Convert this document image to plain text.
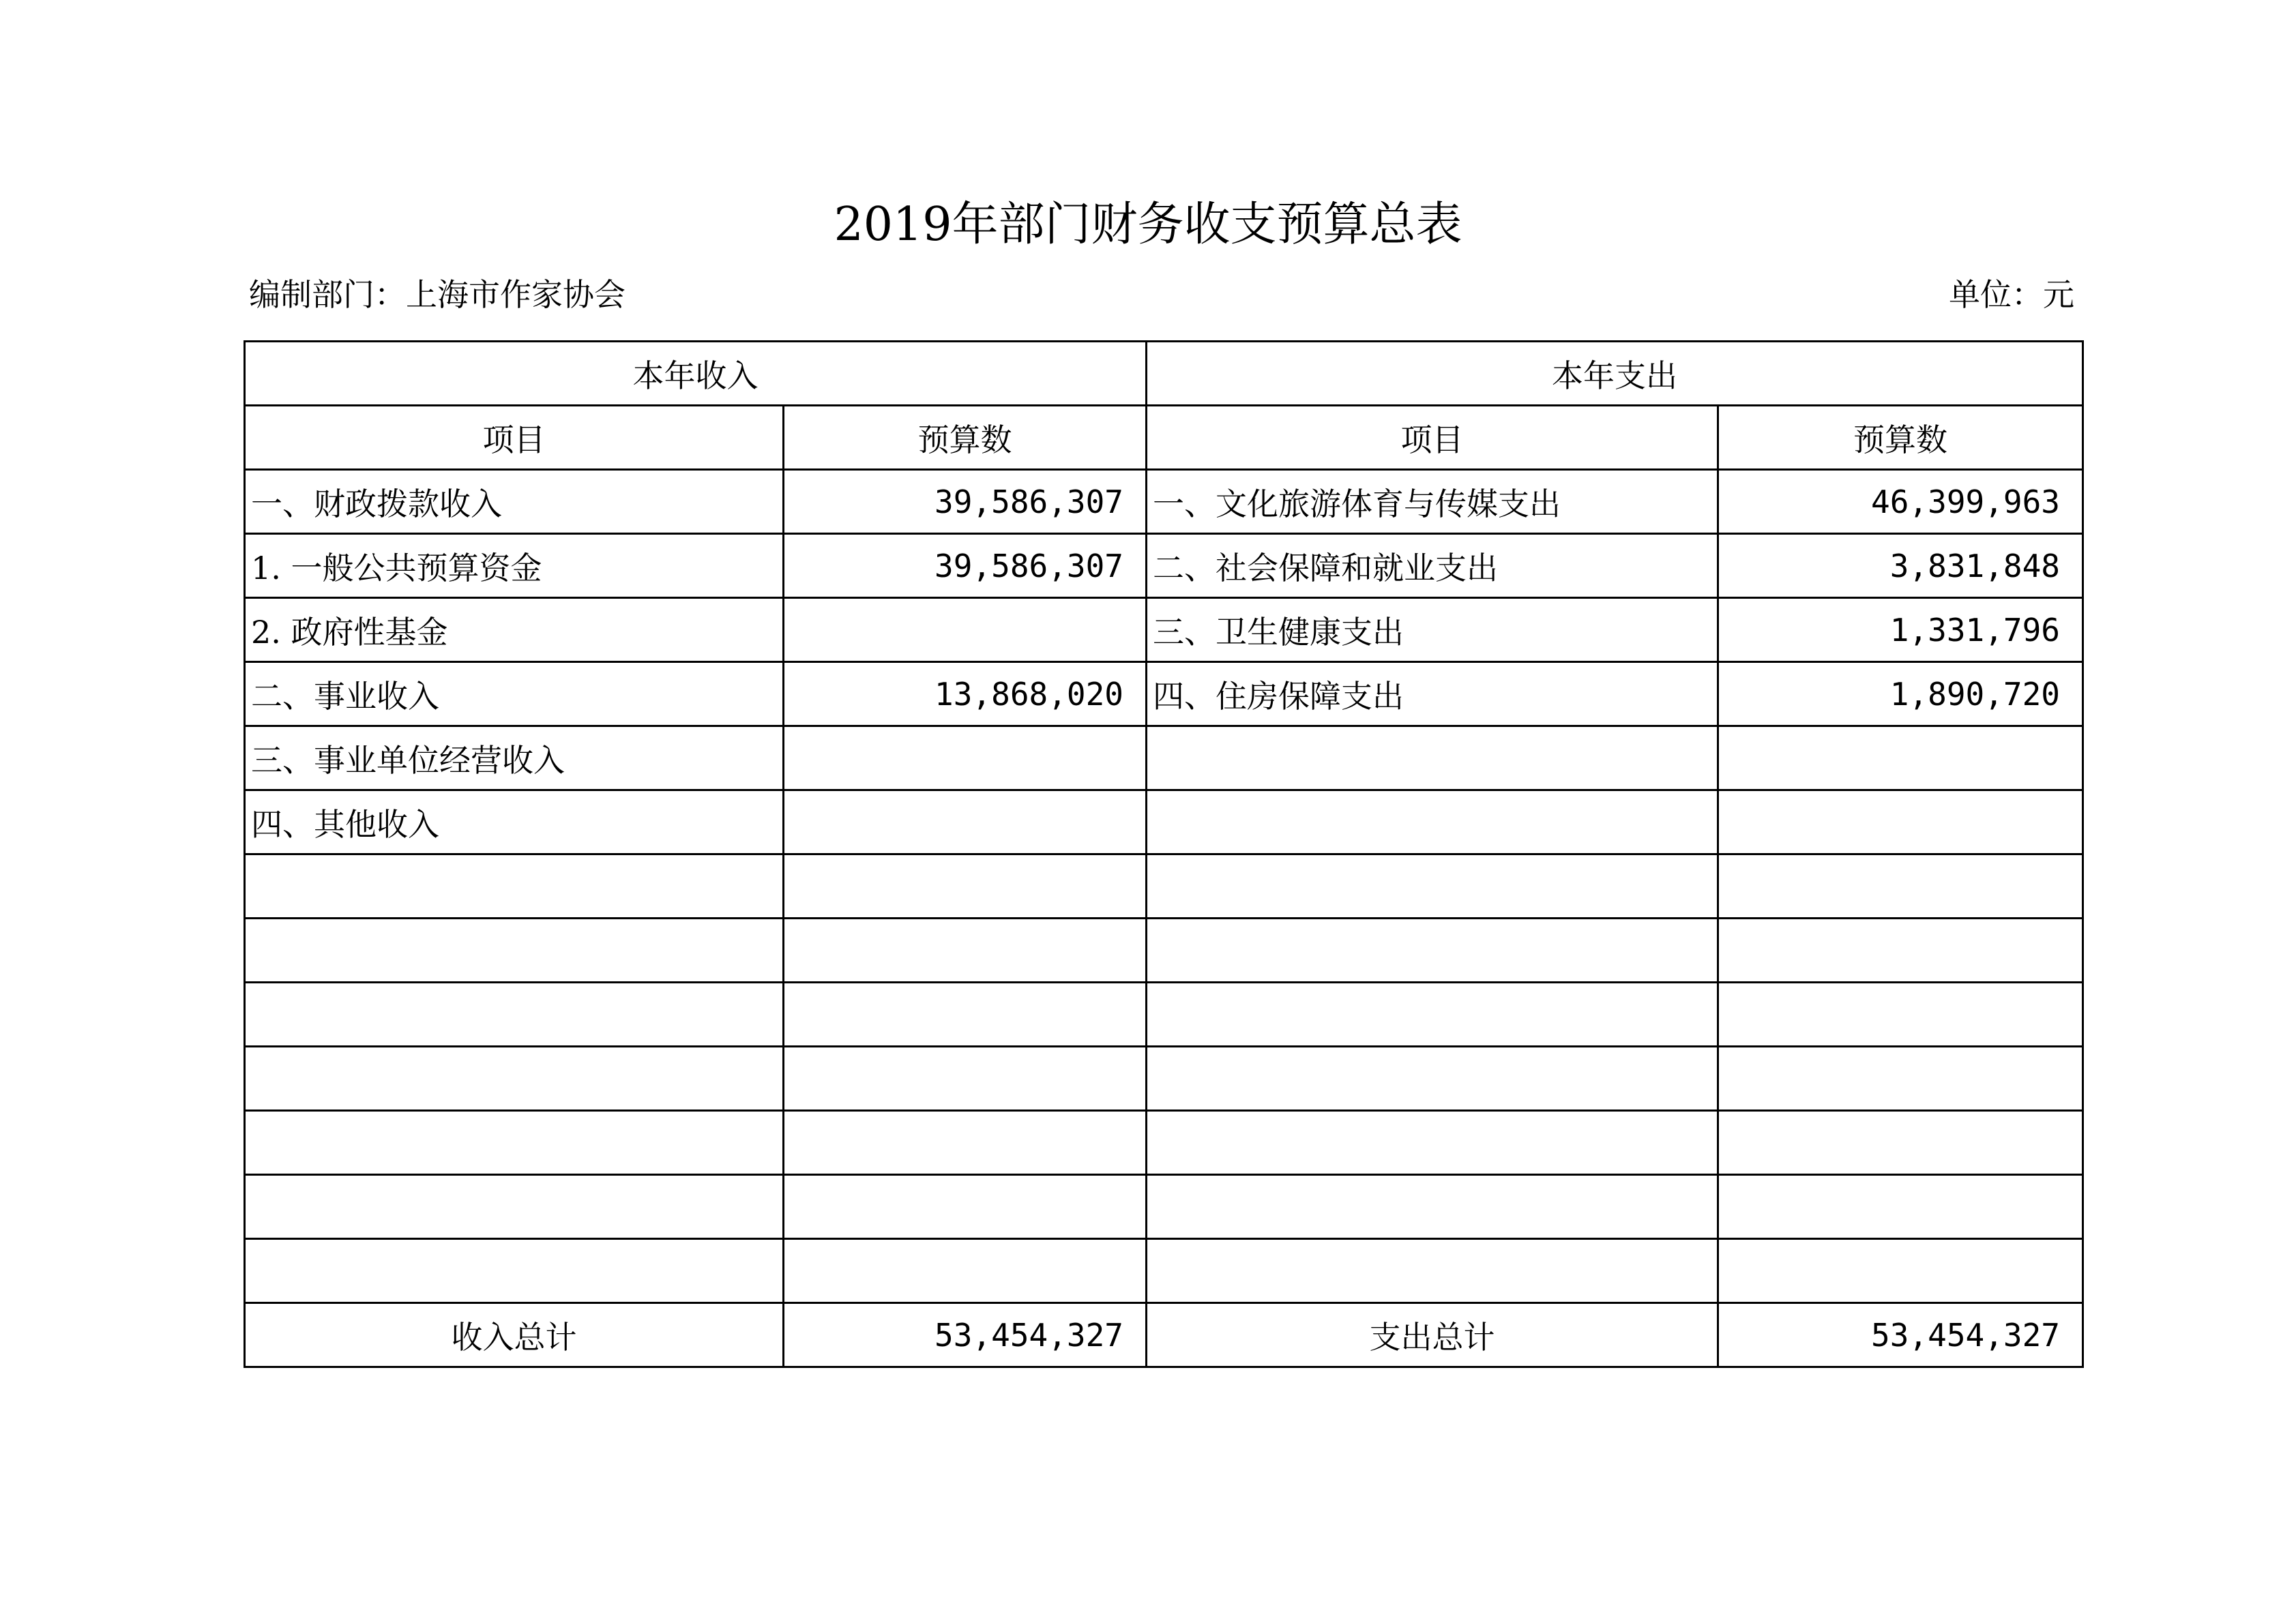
2019年部门财务收支预算总表
编制部门：上海市作家协会	单位：元
本年收入		本年支出	
项目	预算数	项目	预算数
一、财政拨款收入	39,586,307	一、文化旅游体育与传媒支出	46,399,963
1. 一般公共预算资金	39,586,307	二、社会保障和就业支出	3,831,848
2. 政府性基金		三、卫生健康支出	1,331,796
二、事业收入	13,868,020	四、住房保障支出	1,890,720
三、事业单位经营收入			
四、其他收入			

收入总计	53,454,327	支出总计	53,454,327
